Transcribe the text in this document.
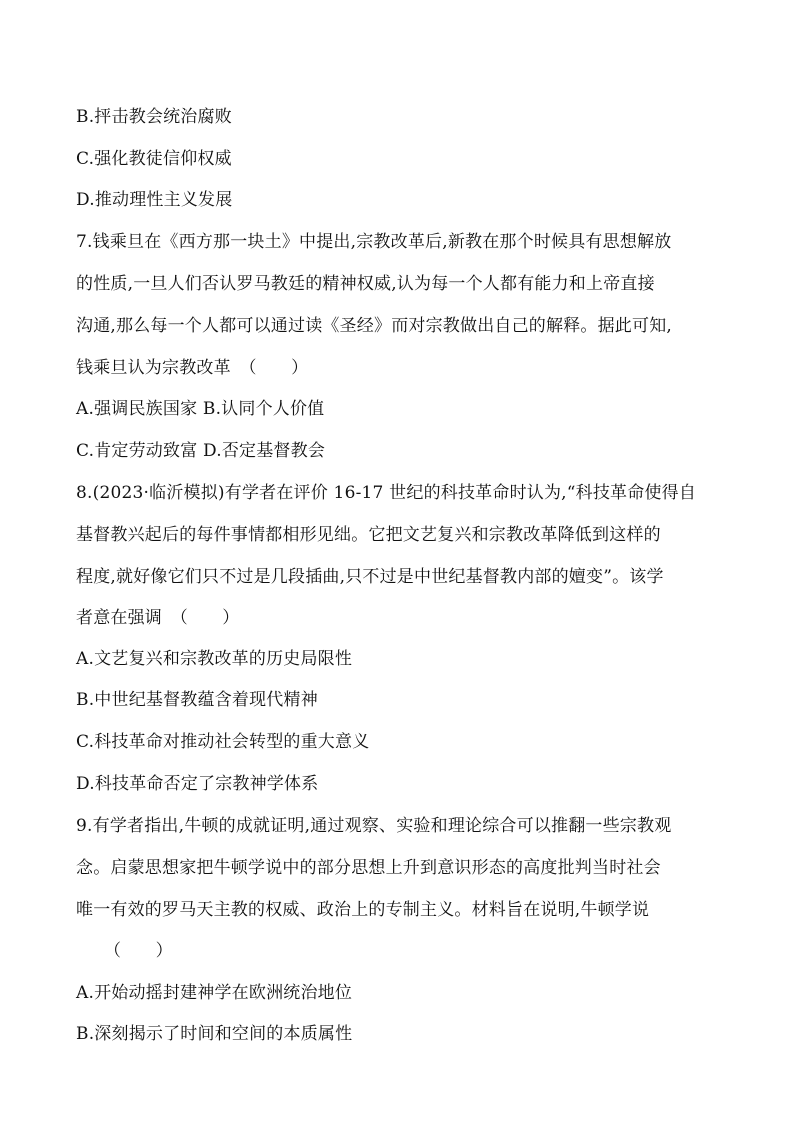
B.抨击教会统治腐败
C.强化教徒信仰权威
D.推动理性主义发展
7.钱乘旦在《西方那一块土》中提出,宗教改革后,新教在那个时候具有思想解放
的性质,一旦人们否认罗马教廷的精神权威,认为每一个人都有能力和上帝直接
沟通,那么每一个人都可以通过读《圣经》而对宗教做出自己的解释。据此可知,
钱乘旦认为宗教改革　（　　）
A.强调民族国家 B.认同个人价值
C.肯定劳动致富 D.否定基督教会
8.(2023·临沂模拟)有学者在评价 16-17 世纪的科技革命时认为,“科技革命使得自
基督教兴起后的每件事情都相形见绌。它把文艺复兴和宗教改革降低到这样的
程度,就好像它们只不过是几段插曲,只不过是中世纪基督教内部的嬗变”。该学
者意在强调　（　　）
A.文艺复兴和宗教改革的历史局限性
B.中世纪基督教蕴含着现代精神
C.科技革命对推动社会转型的重大意义
D.科技革命否定了宗教神学体系
9.有学者指出,牛顿的成就证明,通过观察、实验和理论综合可以推翻一些宗教观
念。启蒙思想家把牛顿学说中的部分思想上升到意识形态的高度批判当时社会
唯一有效的罗马天主教的权威、政治上的专制主义。材料旨在说明,牛顿学说
（　　）
A.开始动摇封建神学在欧洲统治地位
B.深刻揭示了时间和空间的本质属性
